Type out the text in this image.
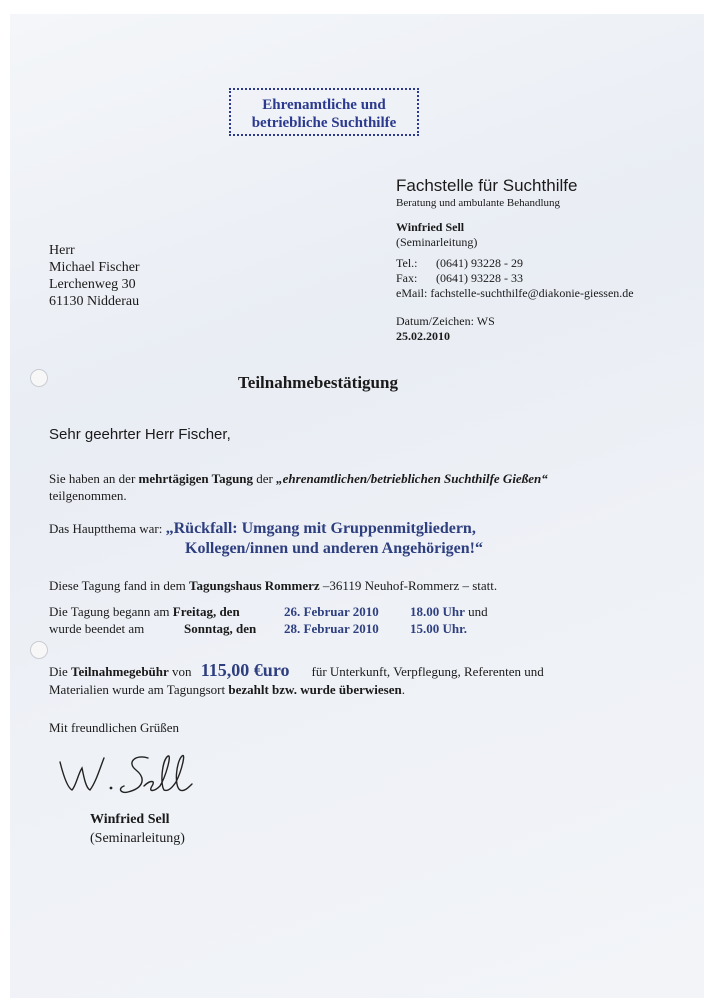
Ehrenamtliche und
betriebliche Suchthilfe
Fachstelle für Suchthilfe
Beratung und ambulante Behandlung
Winfried Sell
(Seminarleitung)
Tel.: (0641) 93228 - 29
Fax: (0641) 93228 - 33
eMail: fachstelle-suchthilfe@diakonie-giessen.de
Datum/Zeichen: WS
25.02.2010
Herr
Michael Fischer
Lerchenweg 30
61130 Nidderau
Teilnahmebestätigung
Sehr geehrter Herr Fischer,
Sie haben an der mehrtägigen Tagung der „ehrenamtlichen/betrieblichen Suchthilfe Gießen“
teilgenommen.
Das Hauptthema war: „Rückfall: Umgang mit Gruppenmitgliedern,
Kollegen/innen und anderen Angehörigen!“
Diese Tagung fand in dem Tagungshaus Rommerz –36119 Neuhof-Rommerz – statt.
Die Tagung begann am Freitag, den	26. Februar 2010 18.00 Uhr und
wurde beendet am	Sonntag, den 28. Februar 2010 15.00 Uhr.
Die Teilnahmegebühr von 115,00 €uro für Unterkunft, Verpflegung, Referenten und
Materialien wurde am Tagungsort bezahlt bzw. wurde überwiesen.
Mit freundlichen Grüßen
Winfried Sell
(Seminarleitung)
